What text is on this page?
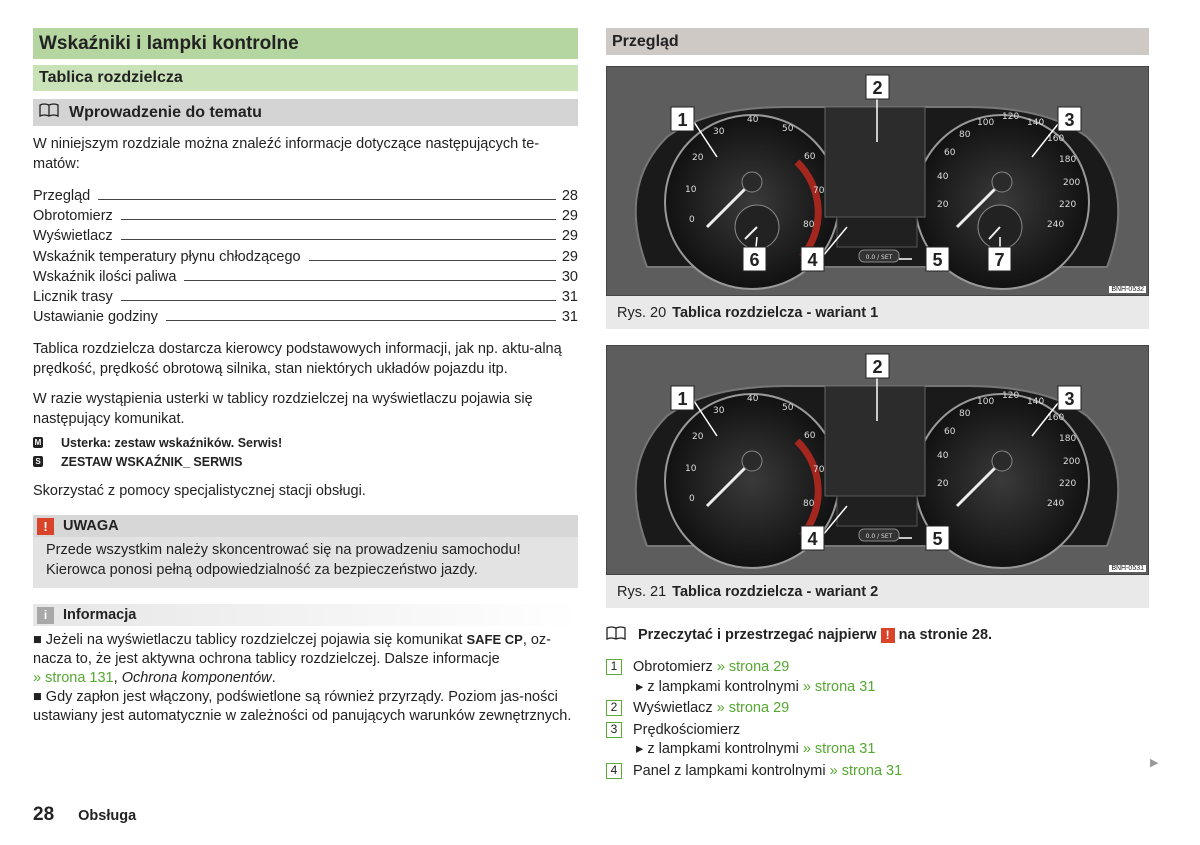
Wskaźniki i lampki kontrolne
Tablica rozdzielcza
Wprowadzenie do tematu

W niniejszym rozdziale można znaleźć informacje dotyczące następujących te-matów:

Przegląd	28
Obrotomierz	29
Wyświetlacz	29
Wskaźnik temperatury płynu chłodzącego	29
Wskaźnik ilości paliwa	30
Licznik trasy	31
Ustawianie godziny	31

Tablica rozdzielcza dostarcza kierowcy podstawowych informacji, jak np. aktu-alną prędkość, prędkość obrotową silnika, stan niektórych układów pojazdu itp.

W razie wystąpienia usterki w tablicy rozdzielczej na wyświetlaczu pojawia się następujący komunikat.

M Usterka: zestaw wskaźników. Serwis!
S ZESTAW WSKAŹNIK_ SERWIS

Skorzystać z pomocy specjalistycznej stacji obsługi.

!	UWAGA
Przede wszystkim należy skoncentrować się na prowadzeniu samochodu! Kierowca ponosi pełną odpowiedzialność za bezpieczeństwo jazdy.
i	Informacja
■ Jeżeli na wyświetlaczu tablicy rozdzielczej pojawia się komunikat SAFE CP, oz-nacza to, że jest aktywna ochrona tablicy rozdzielczej. Dalsze informacje
» strona 131, Ochrona komponentów.
■ Gdy zapłon jest włączony, podświetlone są również przyrządy. Poziom jas-ności ustawiany jest automatycznie w zależności od panujących warunków zewnętrznych.
Przegląd
0
10
20
30
40
50
60
70
80
20
40
60
80
100
120
140
160
180
200
220
240
0.0 / SET
1
2
3
4	5
6	7
BNH-0532
Rys. 20 Tablica rozdzielcza - wariant 1
0
10
20
30
40
50
60
70
80
20
40
60
80
100
120
140
160
180
200
220
240
0.0 / SET
1
2
3
4	5
BNH-0531
Rys. 21 Tablica rozdzielcza - wariant 2
Przeczytać i przestrzegać najpierw ! na stronie 28.
1	Obrotomierz » strona 29
▸ z lampkami kontrolnymi » strona 31
2	Wyświetlacz » strona 29
3	Prędkościomierz
▸ z lampkami kontrolnymi » strona 31
4	Panel z lampkami kontrolnymi » strona 31	▶
28 Obsługa
